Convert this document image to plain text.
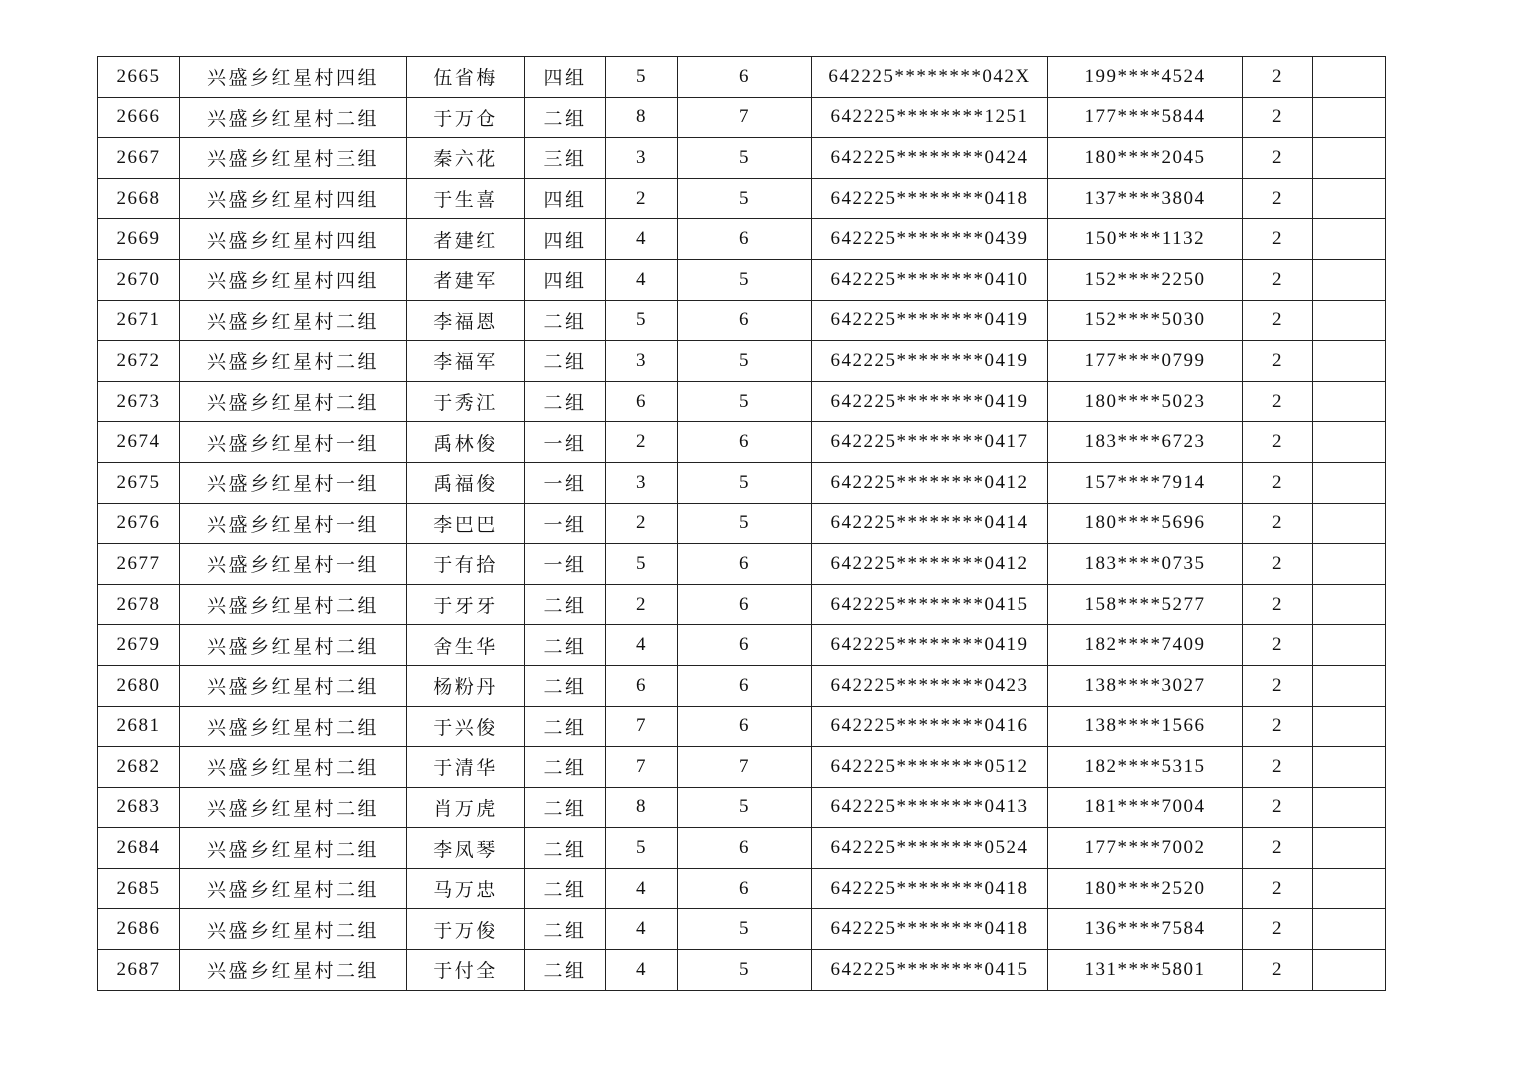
2665	兴盛乡红星村四组	伍省梅	四组	5	6	642225********042X	199****4524	2	
2666	兴盛乡红星村二组	于万仓	二组	8	7	642225********1251	177****5844	2	
2667	兴盛乡红星村三组	秦六花	三组	3	5	642225********0424	180****2045	2	
2668	兴盛乡红星村四组	于生喜	四组	2	5	642225********0418	137****3804	2	
2669	兴盛乡红星村四组	者建红	四组	4	6	642225********0439	150****1132	2	
2670	兴盛乡红星村四组	者建军	四组	4	5	642225********0410	152****2250	2	
2671	兴盛乡红星村二组	李福恩	二组	5	6	642225********0419	152****5030	2	
2672	兴盛乡红星村二组	李福军	二组	3	5	642225********0419	177****0799	2	
2673	兴盛乡红星村二组	于秀江	二组	6	5	642225********0419	180****5023	2	
2674	兴盛乡红星村一组	禹林俊	一组	2	6	642225********0417	183****6723	2	
2675	兴盛乡红星村一组	禹福俊	一组	3	5	642225********0412	157****7914	2	
2676	兴盛乡红星村一组	李巴巴	一组	2	5	642225********0414	180****5696	2	
2677	兴盛乡红星村一组	于有拾	一组	5	6	642225********0412	183****0735	2	
2678	兴盛乡红星村二组	于牙牙	二组	2	6	642225********0415	158****5277	2	
2679	兴盛乡红星村二组	舍生华	二组	4	6	642225********0419	182****7409	2	
2680	兴盛乡红星村二组	杨粉丹	二组	6	6	642225********0423	138****3027	2	
2681	兴盛乡红星村二组	于兴俊	二组	7	6	642225********0416	138****1566	2	
2682	兴盛乡红星村二组	于清华	二组	7	7	642225********0512	182****5315	2	
2683	兴盛乡红星村二组	肖万虎	二组	8	5	642225********0413	181****7004	2	
2684	兴盛乡红星村二组	李凤琴	二组	5	6	642225********0524	177****7002	2	
2685	兴盛乡红星村二组	马万忠	二组	4	6	642225********0418	180****2520	2	
2686	兴盛乡红星村二组	于万俊	二组	4	5	642225********0418	136****7584	2	
2687	兴盛乡红星村二组	于付全	二组	4	5	642225********0415	131****5801	2	
